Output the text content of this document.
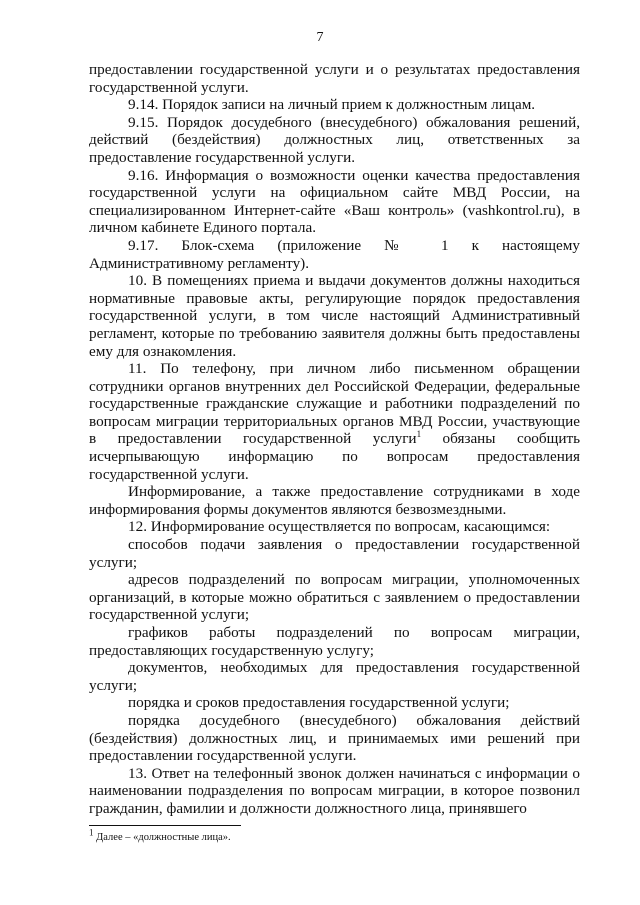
7

предоставлении государственной услуги и о результатах предоставления государственной услуги.

9.14. Порядок записи на личный прием к должностным лицам.

9.15. Порядок досудебного (внесудебного) обжалования решений, действий (бездействия) должностных лиц, ответственных за предоставление государственной услуги.

9.16. Информация о возможности оценки качества предоставления государственной услуги на официальном сайте МВД России, на специализированном Интернет-сайте «Ваш контроль» (vashkontrol.ru), в личном кабинете Единого портала.

9.17. Блок-схема (приложение № 1 к настоящему Административному регламенту).

10. В помещениях приема и выдачи документов должны находиться нормативные правовые акты, регулирующие порядок предоставления государственной услуги, в том числе настоящий Административный регламент, которые по требованию заявителя должны быть предоставлены ему для ознакомления.

11. По телефону, при личном либо письменном обращении сотрудники органов внутренних дел Российской Федерации, федеральные государственные гражданские служащие и работники подразделений по вопросам миграции территориальных органов МВД России, участвующие в предоставлении государственной услуги$^1$ обязаны сообщить исчерпывающую информацию по вопросам предоставления государственной услуги.

Информирование, а также предоставление сотрудниками в ходе информирования формы документов являются безвозмездными.

12. Информирование осуществляется по вопросам, касающимся:

способов подачи заявления о предоставлении государственной услуги;

адресов подразделений по вопросам миграции, уполномоченных организаций, в которые можно обратиться с заявлением о предоставлении государственной услуги;

графиков работы подразделений по вопросам миграции, предоставляющих государственную услугу;

документов, необходимых для предоставления государственной услуги;

порядка и сроков предоставления государственной услуги;

порядка досудебного (внесудебного) обжалования действий (бездействия) должностных лиц, и принимаемых ими решений при предоставлении государственной услуги.

13. Ответ на телефонный звонок должен начинаться с информации о наименовании подразделения по вопросам миграции, в которое позвонил гражданин, фамилии и должности должностного лица, принявшего

$^1$ Далее – «должностные лица».
